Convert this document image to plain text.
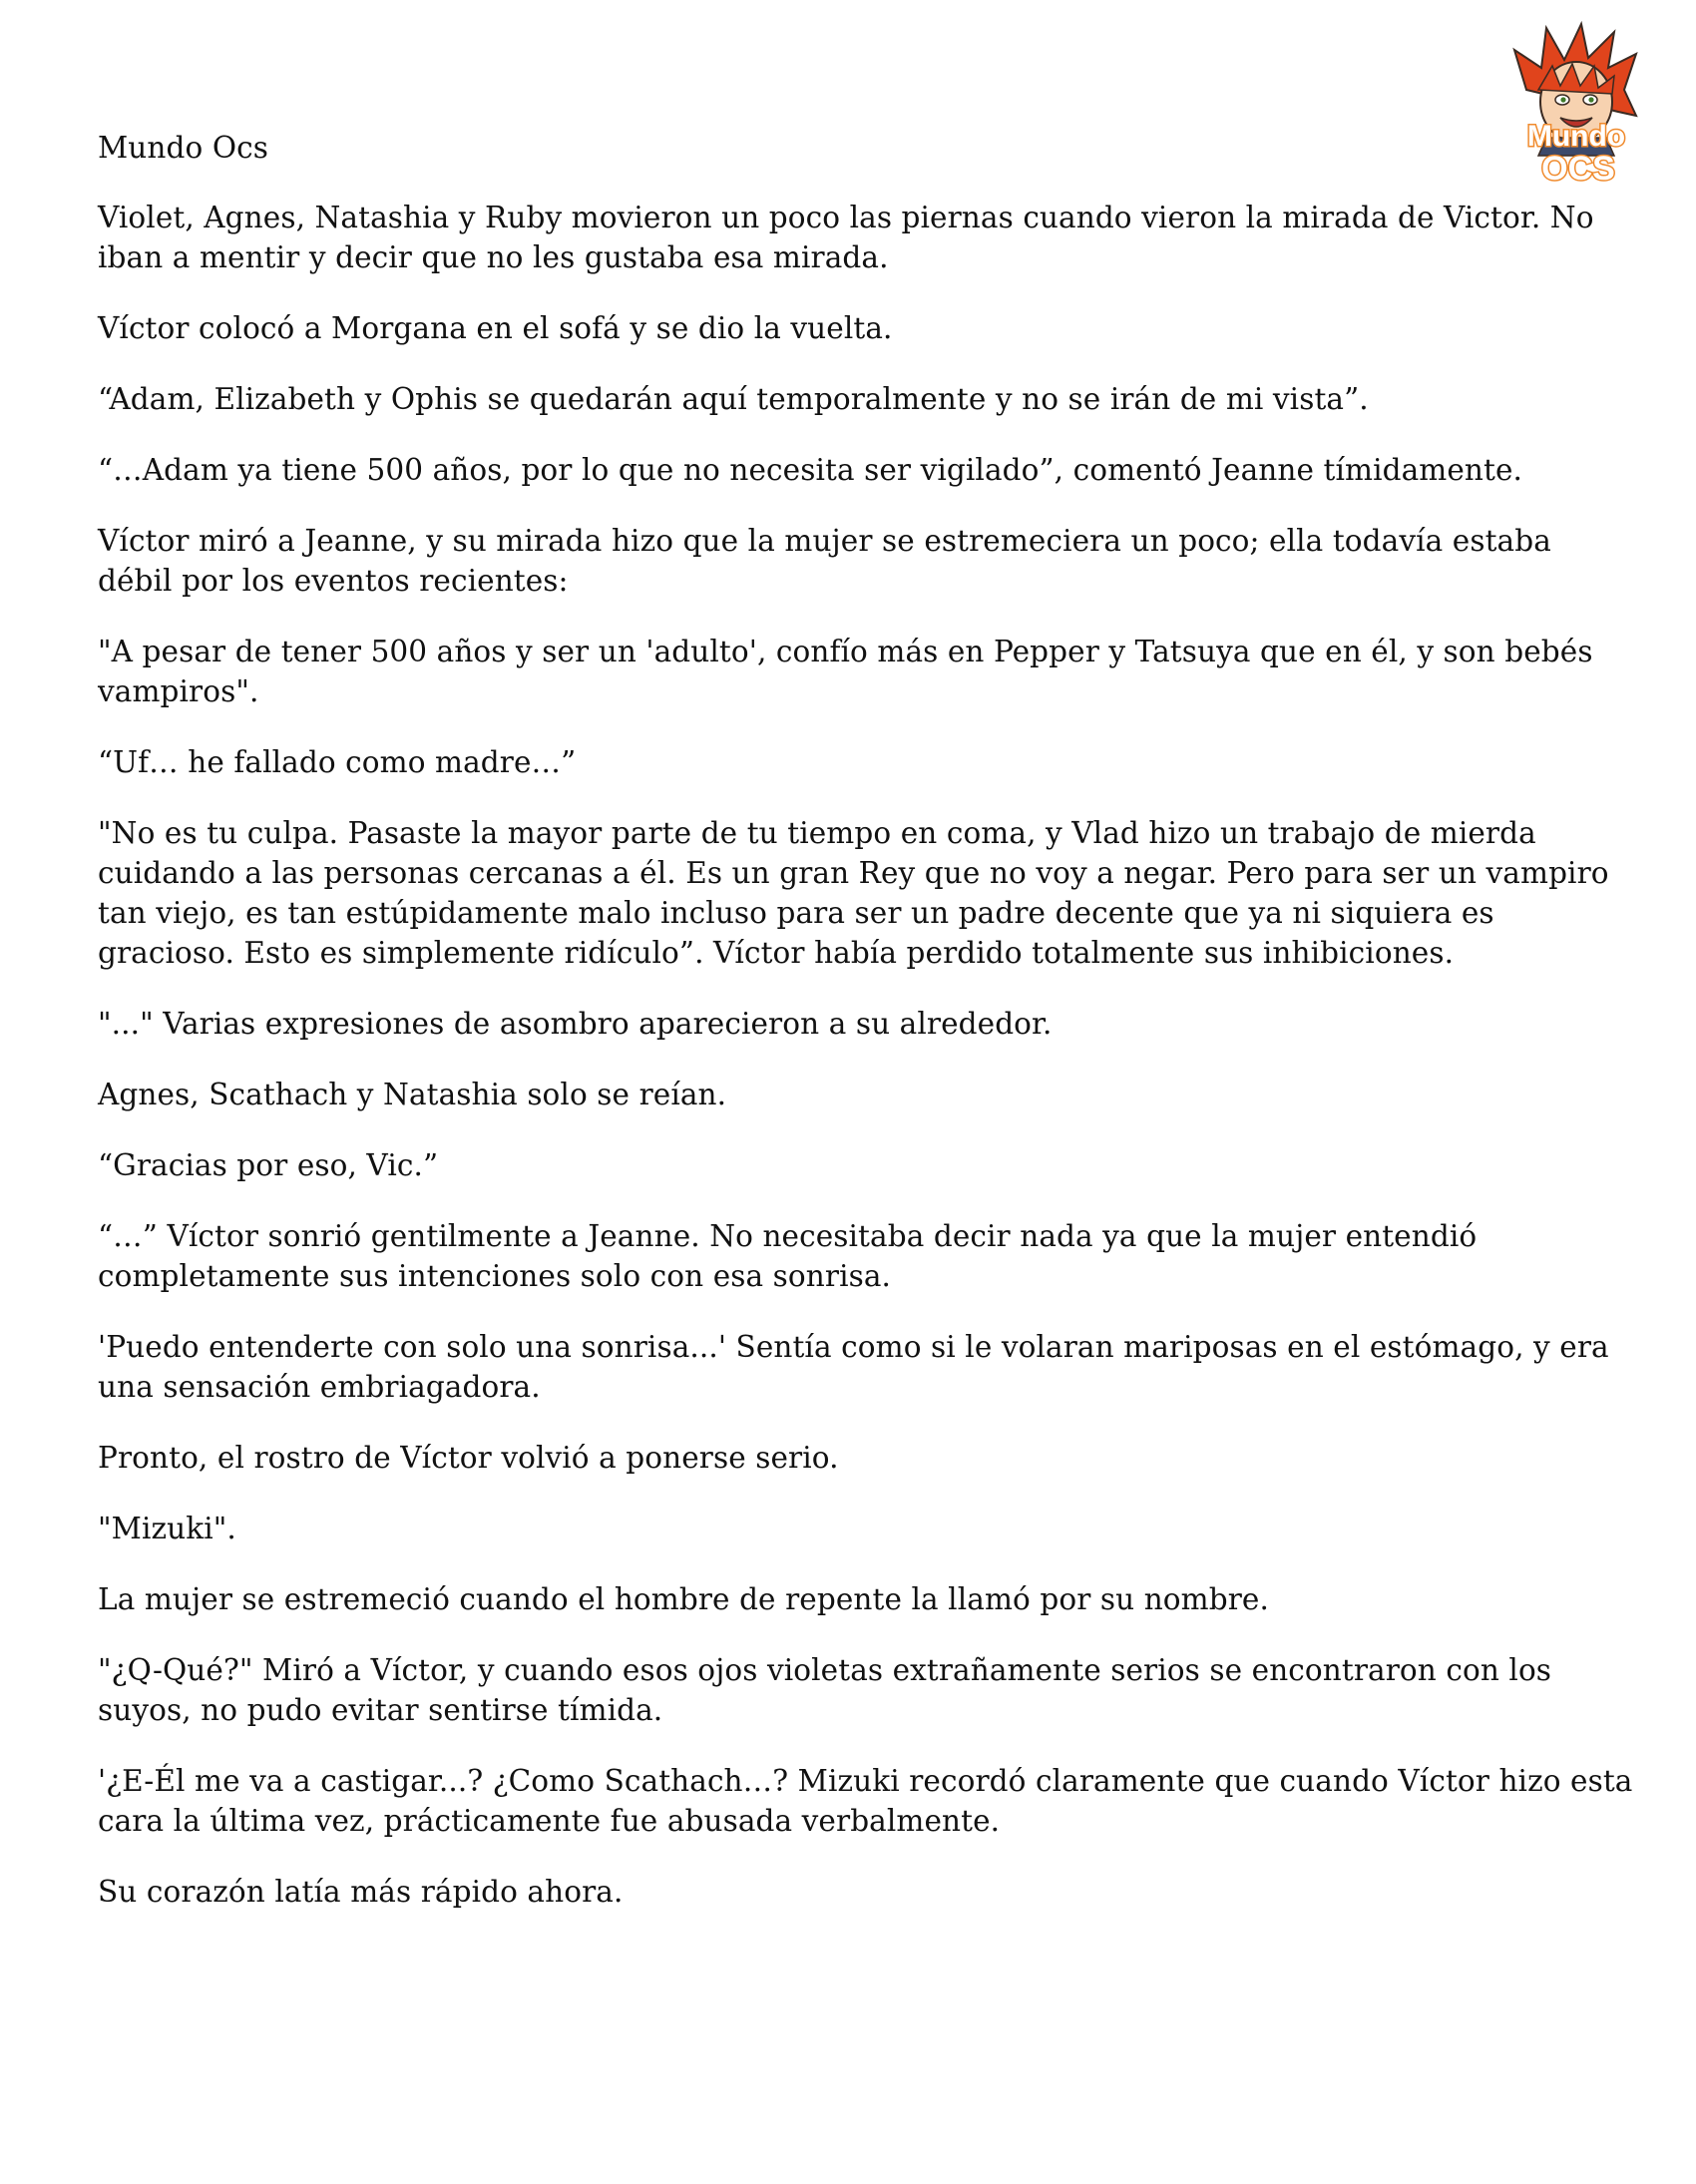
Mundo
OCS

Mundo Ocs

Violet, Agnes, Natashia y Ruby movieron un poco las piernas cuando vieron la mirada de Victor. No iban a mentir y decir que no les gustaba esa mirada.

Víctor colocó a Morgana en el sofá y se dio la vuelta.

“Adam, Elizabeth y Ophis se quedarán aquí temporalmente y no se irán de mi vista”.

“…Adam ya tiene 500 años, por lo que no necesita ser vigilado”, comentó Jeanne tímidamente.

Víctor miró a Jeanne, y su mirada hizo que la mujer se estremeciera un poco; ella todavía estaba débil por los eventos recientes:

"A pesar de tener 500 años y ser un 'adulto', confío más en Pepper y Tatsuya que en él, y son bebés vampiros".

“Uf… he fallado como madre…”

"No es tu culpa. Pasaste la mayor parte de tu tiempo en coma, y Vlad hizo un trabajo de mierda cuidando a las personas cercanas a él. Es un gran Rey que no voy a negar. Pero para ser un vampiro tan viejo, es tan estúpidamente malo incluso para ser un padre decente que ya ni siquiera es gracioso. Esto es simplemente ridículo”. Víctor había perdido totalmente sus inhibiciones.

"..." Varias expresiones de asombro aparecieron a su alrededor.

Agnes, Scathach y Natashia solo se reían.

“Gracias por eso, Vic.”

“…” Víctor sonrió gentilmente a Jeanne. No necesitaba decir nada ya que la mujer entendió completamente sus intenciones solo con esa sonrisa.

'Puedo entenderte con solo una sonrisa...' Sentía como si le volaran mariposas en el estómago, y era una sensación embriagadora.

Pronto, el rostro de Víctor volvió a ponerse serio.

"Mizuki".

La mujer se estremeció cuando el hombre de repente la llamó por su nombre.

"¿Q-Qué?" Miró a Víctor, y cuando esos ojos violetas extrañamente serios se encontraron con los suyos, no pudo evitar sentirse tímida.

'¿E-Él me va a castigar...? ¿Como Scathach…? Mizuki recordó claramente que cuando Víctor hizo esta cara la última vez, prácticamente fue abusada verbalmente.

Su corazón latía más rápido ahora.
